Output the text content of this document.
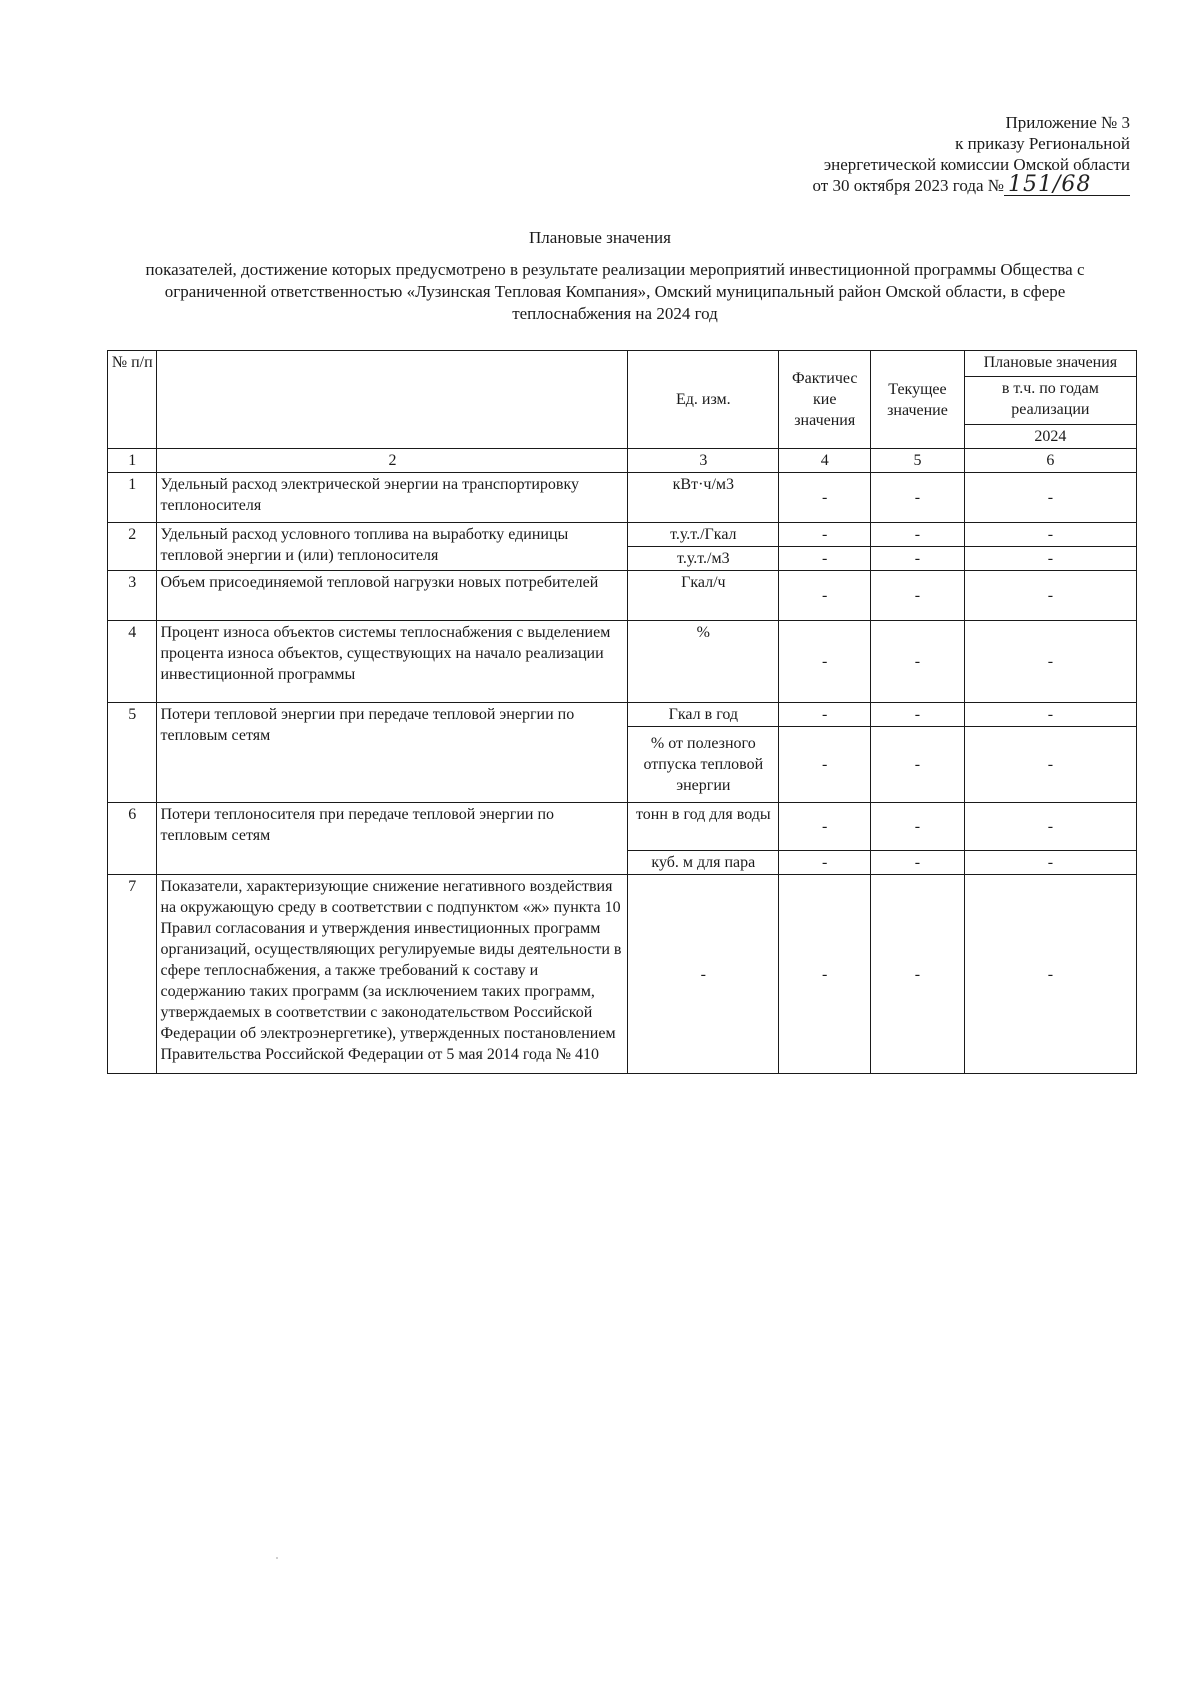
Приложение № 3
к приказу Региональной
энергетической комиссии Омской области
от 30 октября 2023 года № 151/68
Плановые значения
показателей, достижение которых предусмотрено в результате реализации мероприятий инвестиционной программы Общества с ограниченной ответственностью «Лузинская Тепловая Компания», Омский муниципальный район Омской области, в сфере теплоснабжения на 2024 год
№ п/п		Ед. изм.	Фактичес кие значения	Текущее значение	Плановые значения
					в т.ч. по годам реализации
					2024
1	2	3	4	5	6
1	Удельный расход электрической энергии на транспортировку теплоносителя	кВт·ч/м3	-	-	-
2	Удельный расход условного топлива на выработку единицы тепловой энергии и (или) теплоносителя	т.у.т./Гкал	-	-	-
		т.у.т./м3	-	-	-
3	Объем присоединяемой тепловой нагрузки новых потребителей	Гкал/ч	-	-	-
4	Процент износа объектов системы теплоснабжения с выделением процента износа объектов, существующих на начало реализации инвестиционной программы	%	-	-	-
5	Потери тепловой энергии при передаче тепловой энергии по тепловым сетям	Гкал в год	-	-	-
		% от полезного отпуска тепловой энергии	-	-	-
6	Потери теплоносителя при передаче тепловой энергии по тепловым сетям	тонн в год для воды	-	-	-
		куб. м для пара	-	-	-
7	Показатели, характеризующие снижение негативного воздействия на окружающую среду в соответствии с подпунктом «ж» пункта 10 Правил согласования и утверждения инвестиционных программ организаций, осуществляющих регулируемые виды деятельности в сфере теплоснабжения, а также требований к составу и содержанию таких программ (за исключением таких программ, утверждаемых в соответствии с законодательством Российской Федерации об электроэнергетике), утвержденных постановлением Правительства Российской Федерации от 5 мая 2014 года № 410	-	-	-	-
